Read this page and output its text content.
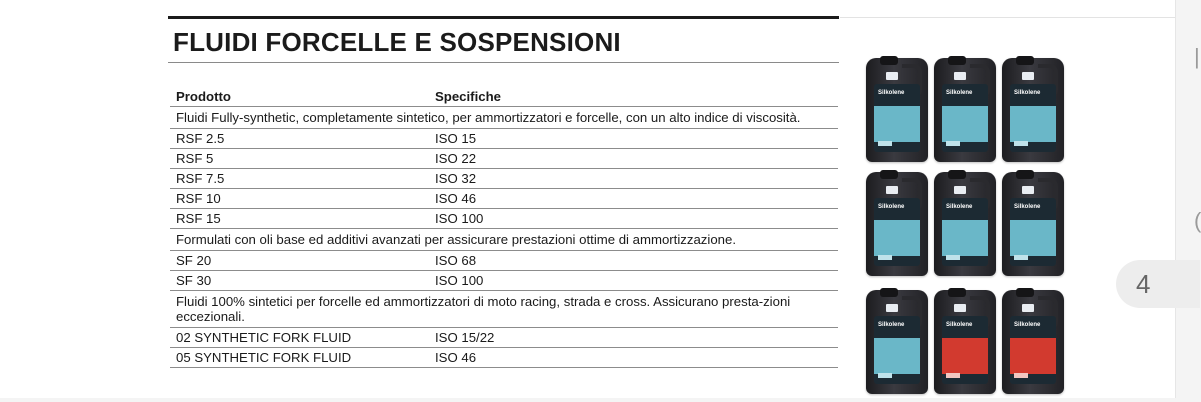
FLUIDI FORCELLE E SOSPENSIONI
Prodotto	Specifiche
Fluidi Fully-synthetic, completamente sintetico, per ammortizzatori e forcelle, con un alto indice di viscosità.	
RSF 2.5	ISO 15
RSF 5	ISO 22
RSF 7.5	ISO 32
RSF 10	ISO 46
RSF 15	ISO 100
Formulati con oli base ed additivi avanzati per assicurare prestazioni ottime di ammortizzazione.	
SF 20	ISO 68
SF 30	ISO 100
Fluidi 100% sintetici per forcelle ed ammortizzatori di moto racing, strada e cross. Assicurano presta-zioni eccezionali.	
02 SYNTHETIC FORK FLUID	ISO 15/22
05 SYNTHETIC FORK FLUID	ISO 46
Silkolene	Silkolene	Silkolene
Silkolene	Silkolene	Silkolene
Silkolene	Silkolene	Silkolene
4
|
(
